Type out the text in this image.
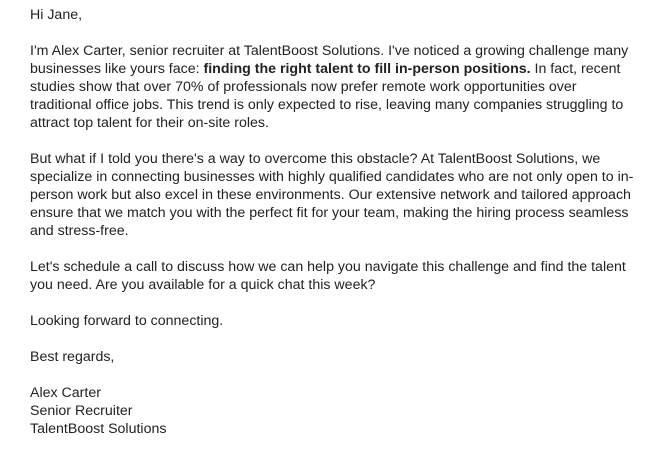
Hi Jane,

I'm Alex Carter, senior recruiter at TalentBoost Solutions. I've noticed a growing challenge many businesses like yours face: finding the right talent to fill in-person positions. In fact, recent studies show that over 70% of professionals now prefer remote work opportunities over traditional office jobs. This trend is only expected to rise, leaving many companies struggling to attract top talent for their on-site roles.

But what if I told you there's a way to overcome this obstacle? At TalentBoost Solutions, we specialize in connecting businesses with highly qualified candidates who are not only open to in-person work but also excel in these environments. Our extensive network and tailored approach ensure that we match you with the perfect fit for your team, making the hiring process seamless and stress-free.

Let's schedule a call to discuss how we can help you navigate this challenge and find the talent you need. Are you available for a quick chat this week?

Looking forward to connecting.

Best regards,

Alex Carter
Senior Recruiter
TalentBoost Solutions
